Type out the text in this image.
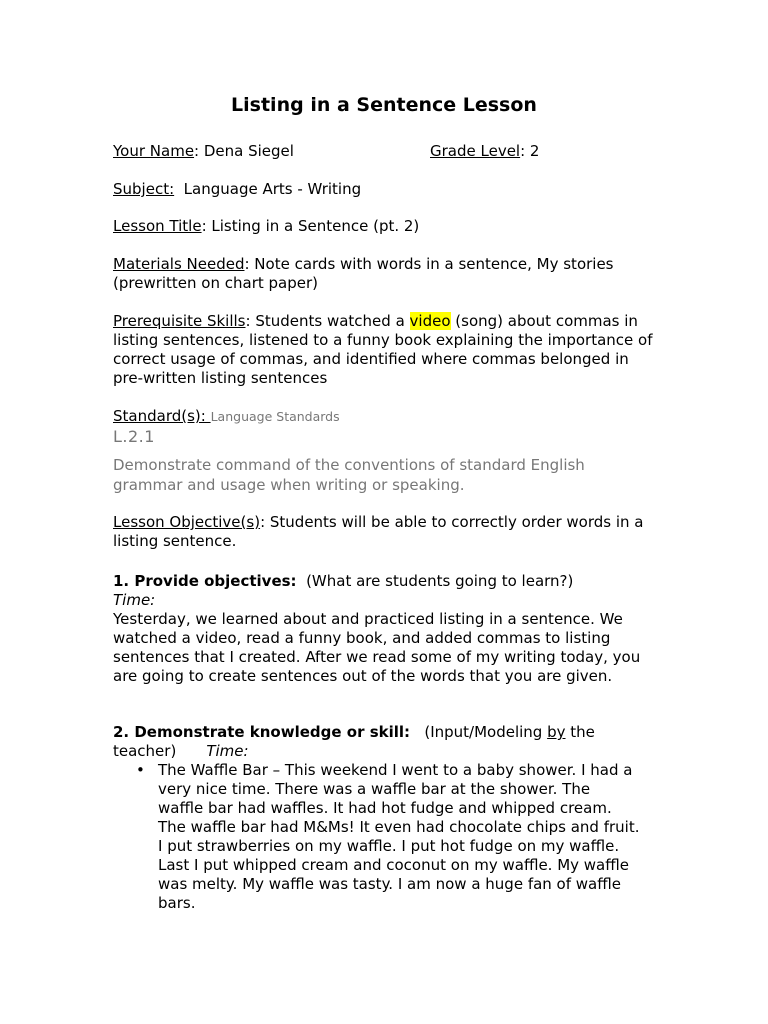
Listing in a Sentence Lesson
Your Name: Dena Siegel	Grade Level: 2
Subject:  Language Arts - Writing
Lesson Title: Listing in a Sentence (pt. 2)
Materials Needed: Note cards with words in a sentence, My stories
(prewritten on chart paper)
Prerequisite Skills: Students watched a video (song) about commas in
listing sentences, listened to a funny book explaining the importance of
correct usage of commas, and identified where commas belonged in
pre-written listing sentences
Standard(s): Language Standards
L.2.1
Demonstrate command of the conventions of standard English
grammar and usage when writing or speaking.
Lesson Objective(s): Students will be able to correctly order words in a
listing sentence.
1. Provide objectives:  (What are students going to learn?)
Time:
Yesterday, we learned about and practiced listing in a sentence. We
watched a video, read a funny book, and added commas to listing
sentences that I created. After we read some of my writing today, you
are going to create sentences out of the words that you are given.
2. Demonstrate knowledge or skill:   (Input/Modeling by the
teacher) Time:
• The Waffle Bar – This weekend I went to a baby shower. I had a
very nice time. There was a waffle bar at the shower. The
waffle bar had waffles. It had hot fudge and whipped cream.
The waffle bar had M&Ms! It even had chocolate chips and fruit.
I put strawberries on my waffle. I put hot fudge on my waffle.
Last I put whipped cream and coconut on my waffle. My waffle
was melty. My waffle was tasty. I am now a huge fan of waffle
bars.
